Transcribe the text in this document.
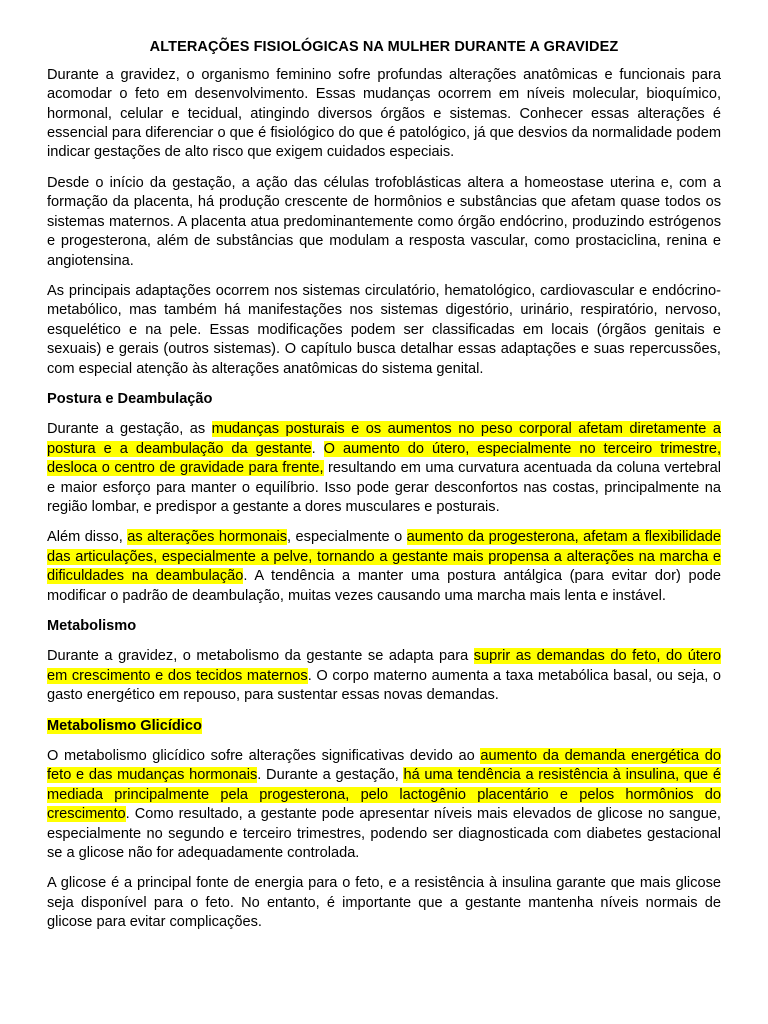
ALTERAÇÕES FISIOLÓGICAS NA MULHER DURANTE A GRAVIDEZ

Durante a gravidez, o organismo feminino sofre profundas alterações anatômicas e funcionais para acomodar o feto em desenvolvimento. Essas mudanças ocorrem em níveis molecular, bioquímico, hormonal, celular e tecidual, atingindo diversos órgãos e sistemas. Conhecer essas alterações é essencial para diferenciar o que é fisiológico do que é patológico, já que desvios da normalidade podem indicar gestações de alto risco que exigem cuidados especiais.

Desde o início da gestação, a ação das células trofoblásticas altera a homeostase uterina e, com a formação da placenta, há produção crescente de hormônios e substâncias que afetam quase todos os sistemas maternos. A placenta atua predominantemente como órgão endócrino, produzindo estrógenos e progesterona, além de substâncias que modulam a resposta vascular, como prostaciclina, renina e angiotensina.

As principais adaptações ocorrem nos sistemas circulatório, hematológico, cardiovascular e endócrino-metabólico, mas também há manifestações nos sistemas digestório, urinário, respiratório, nervoso, esquelético e na pele. Essas modificações podem ser classificadas em locais (órgãos genitais e sexuais) e gerais (outros sistemas). O capítulo busca detalhar essas adaptações e suas repercussões, com especial atenção às alterações anatômicas do sistema genital.

Postura e Deambulação

Durante a gestação, as mudanças posturais e os aumentos no peso corporal afetam diretamente a postura e a deambulação da gestante. O aumento do útero, especialmente no terceiro trimestre, desloca o centro de gravidade para frente, resultando em uma curvatura acentuada da coluna vertebral e maior esforço para manter o equilíbrio. Isso pode gerar desconfortos nas costas, principalmente na região lombar, e predispor a gestante a dores musculares e posturais.

Além disso, as alterações hormonais, especialmente o aumento da progesterona, afetam a flexibilidade das articulações, especialmente a pelve, tornando a gestante mais propensa a alterações na marcha e dificuldades na deambulação. A tendência a manter uma postura antálgica (para evitar dor) pode modificar o padrão de deambulação, muitas vezes causando uma marcha mais lenta e instável.

Metabolismo

Durante a gravidez, o metabolismo da gestante se adapta para suprir as demandas do feto, do útero em crescimento e dos tecidos maternos. O corpo materno aumenta a taxa metabólica basal, ou seja, o gasto energético em repouso, para sustentar essas novas demandas.

Metabolismo Glicídico

O metabolismo glicídico sofre alterações significativas devido ao aumento da demanda energética do feto e das mudanças hormonais. Durante a gestação, há uma tendência a resistência à insulina, que é mediada principalmente pela progesterona, pelo lactogênio placentário e pelos hormônios do crescimento. Como resultado, a gestante pode apresentar níveis mais elevados de glicose no sangue, especialmente no segundo e terceiro trimestres, podendo ser diagnosticada com diabetes gestacional se a glicose não for adequadamente controlada.

A glicose é a principal fonte de energia para o feto, e a resistência à insulina garante que mais glicose seja disponível para o feto. No entanto, é importante que a gestante mantenha níveis normais de glicose para evitar complicações.
